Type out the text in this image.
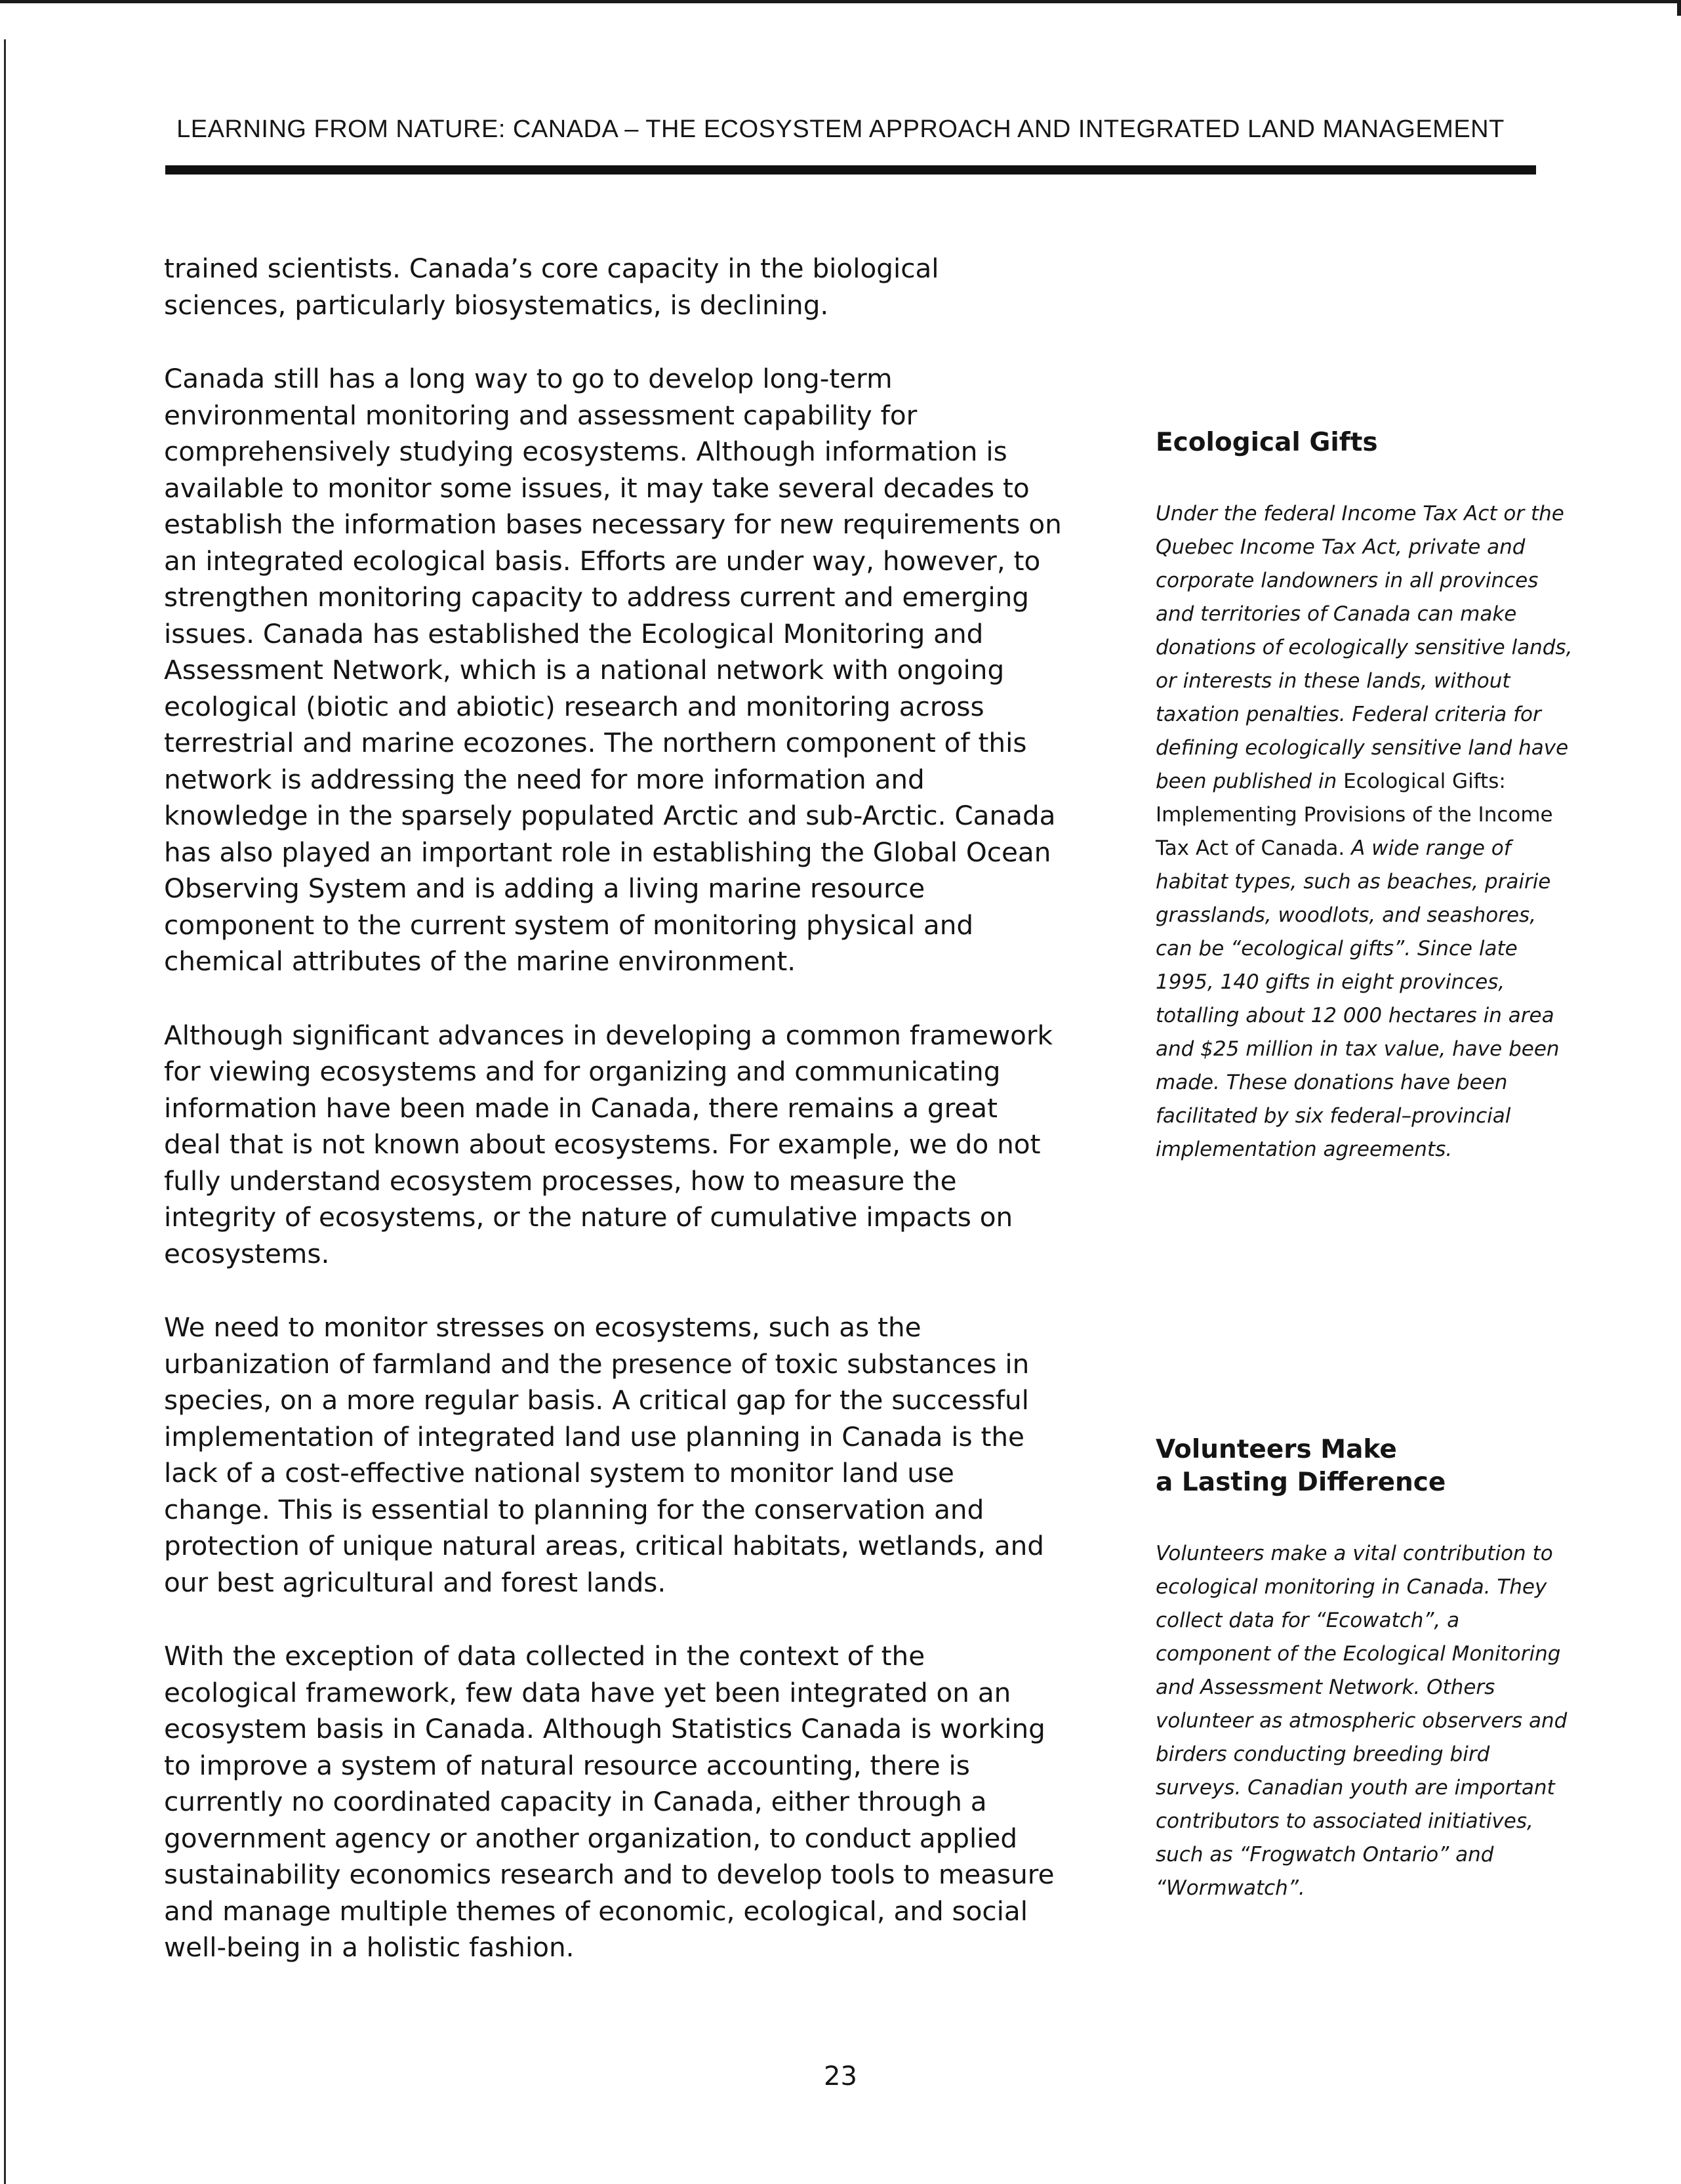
LEARNING FROM NATURE: CANADA – THE ECOSYSTEM APPROACH AND INTEGRATED LAND MANAGEMENT

trained scientists. Canada’s core capacity in the biological sciences, particularly biosystematics, is declining.

Canada still has a long way to go to develop long-term environmental monitoring and assessment capability for comprehensively studying ecosystems. Although information is available to monitor some issues, it may take several decades to establish the information bases necessary for new requirements on an integrated ecological basis. Efforts are under way, however, to strengthen monitoring capacity to address current and emerging issues. Canada has established the Ecological Monitoring and Assessment Network, which is a national network with ongoing ecological (biotic and abiotic) research and monitoring across terrestrial and marine ecozones. The northern component of this network is addressing the need for more information and knowledge in the sparsely populated Arctic and sub-Arctic. Canada has also played an important role in establishing the Global Ocean Observing System and is adding a living marine resource component to the current system of monitoring physical and chemical attributes of the marine environment.

Although significant advances in developing a common framework for viewing ecosystems and for organizing and communicating information have been made in Canada, there remains a great deal that is not known about ecosystems. For example, we do not fully understand ecosystem processes, how to measure the integrity of ecosystems, or the nature of cumulative impacts on ecosystems.

We need to monitor stresses on ecosystems, such as the urbanization of farmland and the presence of toxic substances in species, on a more regular basis. A critical gap for the successful implementation of integrated land use planning in Canada is the lack of a cost-effective national system to monitor land use change. This is essential to planning for the conservation and protection of unique natural areas, critical habitats, wetlands, and our best agricultural and forest lands.

With the exception of data collected in the context of the ecological framework, few data have yet been integrated on an ecosystem basis in Canada. Although Statistics Canada is working to improve a system of natural resource accounting, there is currently no coordinated capacity in Canada, either through a government agency or another organization, to conduct applied sustainability economics research and to develop tools to measure and manage multiple themes of economic, ecological, and social well-being in a holistic fashion.

Ecological Gifts
Under the federal Income Tax Act or the Quebec Income Tax Act, private and corporate landowners in all provinces and territories of Canada can make donations of ecologically sensitive lands, or interests in these lands, without taxation penalties. Federal criteria for defining ecologically sensitive land have been published in Ecological Gifts: Implementing Provisions of the Income Tax Act of Canada. A wide range of habitat types, such as beaches, prairie grasslands, woodlots, and seashores, can be “ecological gifts”. Since late 1995, 140 gifts in eight provinces, totalling about 12 000 hectares in area and $25 million in tax value, have been made. These donations have been facilitated by six federal–provincial implementation agreements.
Volunteers Make
a Lasting Difference
Volunteers make a vital contribution to ecological monitoring in Canada. They collect data for “Ecowatch”, a component of the Ecological Monitoring and Assessment Network. Others volunteer as atmospheric observers and birders conducting breeding bird surveys. Canadian youth are important contributors to associated initiatives, such as “Frogwatch Ontario” and “Wormwatch”.
23
